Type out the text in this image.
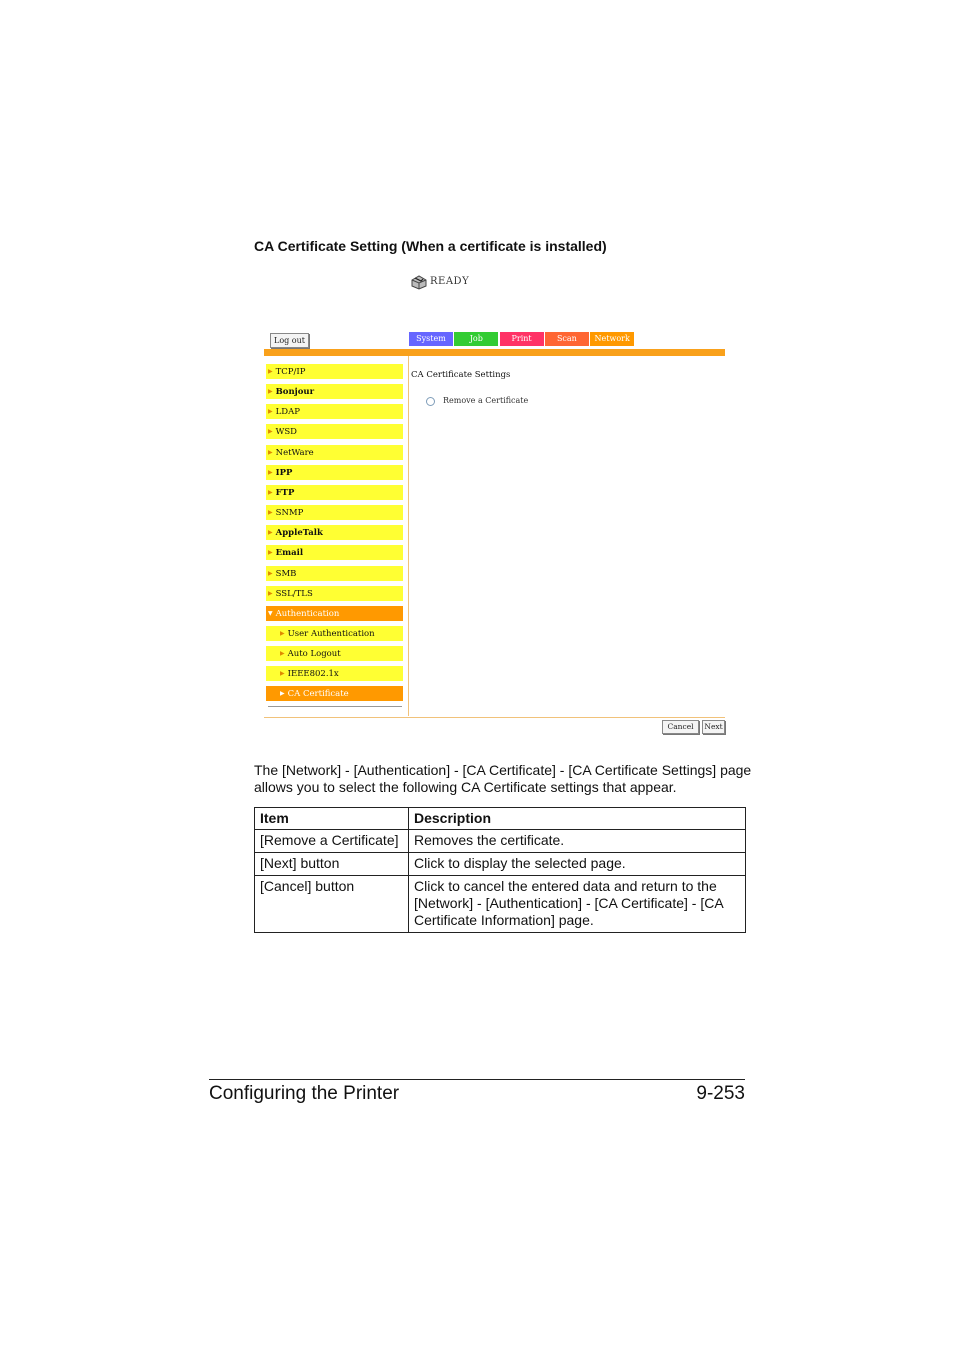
CA Certificate Setting (When a certificate is installed)
READY
Log out	System	Job	Print	Scan	Network
▶ TCP/IP
▶ Bonjour
▶ LDAP
▶ WSD
▶ NetWare
▶ IPP
▶ FTP
▶ SNMP
▶ AppleTalk
▶ Email
▶ SMB
▶ SSL/TLS
▼ Authentication
▶ User Authentication
▶ Auto Logout
▶ IEEE802.1x
▶ CA Certificate
CA Certificate Settings
Remove a Certificate
Cancel	Next
The [Network] - [Authentication] - [CA Certificate] - [CA Certificate Settings] page allows you to select the following CA Certificate settings that appear.
Item	Description
[Remove a Certificate]	Removes the certificate.
[Next] button	Click to display the selected page.
[Cancel] button	Click to cancel the entered data and return to the [Network] - [Authentication] - [CA Certificate] - [CA Certificate Information] page.
Configuring the Printer	9-253
